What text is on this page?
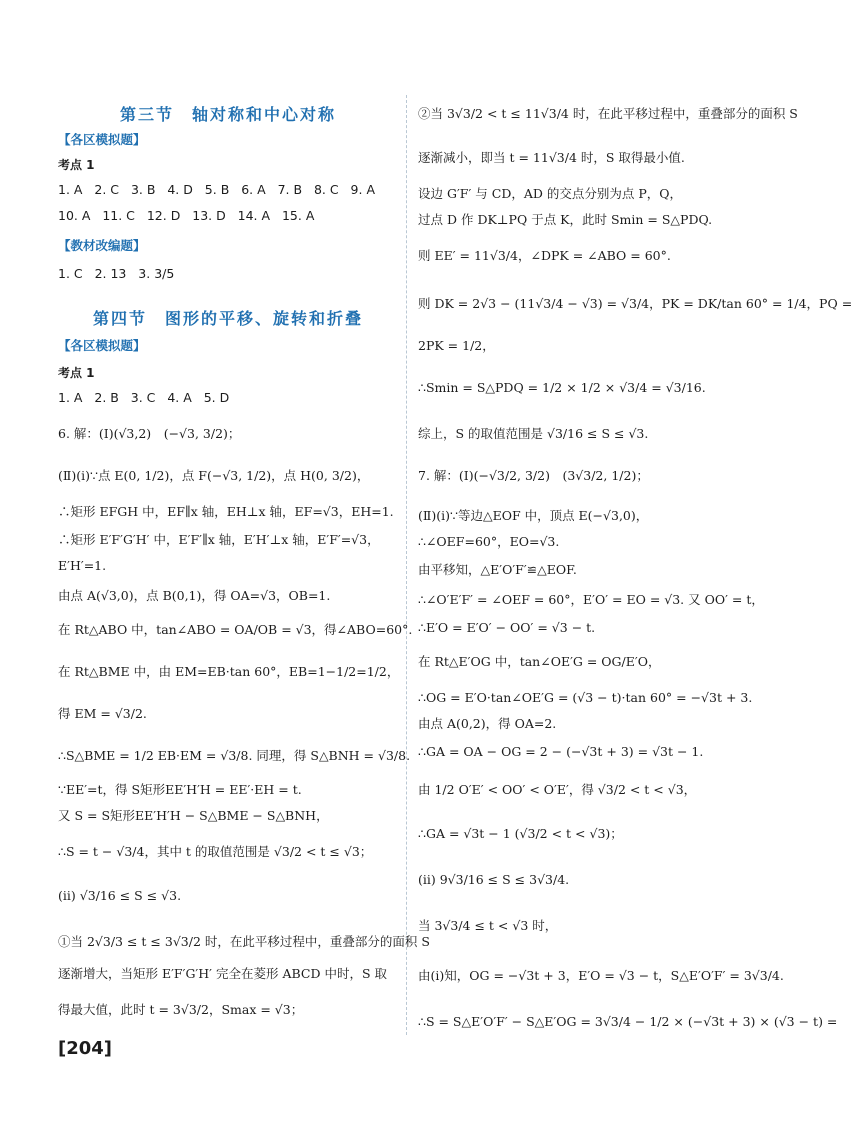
第三节　轴对称和中心对称
【各区模拟题】
考点 1
1. A 2. C 3. B 4. D 5. B 6. A 7. B 8. C 9. A
10. A 11. C 12. D 13. D 14. A 15. A
【教材改编题】
1. C 2. 13 3. 3/5
第四节　图形的平移、旋转和折叠
【各区模拟题】
考点 1
1. A 2. B 3. C 4. A 5. D
6. 解：(Ⅰ)(√3,2)　(−√3, 3/2)；
(Ⅱ)(ⅰ)∵点 E(0, 1/2)，点 F(−√3, 1/2)，点 H(0, 3/2)，
∴矩形 EFGH 中，EF∥x 轴，EH⊥x 轴，EF=√3，EH=1.
∴矩形 E′F′G′H′ 中，E′F′∥x 轴，E′H′⊥x 轴，E′F′=√3，
E′H′=1.
由点 A(√3,0)，点 B(0,1)，得 OA=√3，OB=1.
在 Rt△ABO 中，tan∠ABO = OA/OB = √3，得∠ABO=60°.
在 Rt△BME 中，由 EM=EB·tan 60°，EB=1−1/2=1/2，
得 EM = √3/2.
∴S△BME = 1/2 EB·EM = √3/8. 同理，得 S△BNH = √3/8.
∵EE′=t，得 S矩形EE′H′H = EE′·EH = t.
又 S = S矩形EE′H′H − S△BME − S△BNH，
∴S = t − √3/4，其中 t 的取值范围是 √3/2 < t ≤ √3；
(ⅱ) √3/16 ≤ S ≤ √3.
①当 2√3/3 ≤ t ≤ 3√3/2 时，在此平移过程中，重叠部分的面积 S
逐渐增大，当矩形 E′F′G′H′ 完全在菱形 ABCD 中时，S 取
得最大值，此时 t = 3√3/2，Smax = √3；
②当 3√3/2 < t ≤ 11√3/4 时，在此平移过程中，重叠部分的面积 S
逐渐减小，即当 t = 11√3/4 时，S 取得最小值.
设边 G′F′ 与 CD，AD 的交点分别为点 P，Q，
过点 D 作 DK⊥PQ 于点 K，此时 Smin = S△PDQ.
则 EE′ = 11√3/4，∠DPK = ∠ABO = 60°.
则 DK = 2√3 − (11√3/4 − √3) = √3/4，PK = DK/tan 60° = 1/4，PQ =
2PK = 1/2，
∴Smin = S△PDQ = 1/2 × 1/2 × √3/4 = √3/16.
综上，S 的取值范围是 √3/16 ≤ S ≤ √3.
7. 解：(Ⅰ)(−√3/2, 3/2)　(3√3/2, 1/2)；
(Ⅱ)(ⅰ)∵等边△EOF 中，顶点 E(−√3,0)，
∴∠OEF=60°，EO=√3.
由平移知，△E′O′F′≌△EOF.
∴∠O′E′F′ = ∠OEF = 60°，E′O′ = EO = √3. 又 OO′ = t，
∴E′O = E′O′ − OO′ = √3 − t.
在 Rt△E′OG 中，tan∠OE′G = OG/E′O，
∴OG = E′O·tan∠OE′G = (√3 − t)·tan 60° = −√3t + 3.
由点 A(0,2)，得 OA=2.
∴GA = OA − OG = 2 − (−√3t + 3) = √3t − 1.
由 1/2 O′E′ < OO′ < O′E′，得 √3/2 < t < √3，
∴GA = √3t − 1 (√3/2 < t < √3)；
(ⅱ) 9√3/16 ≤ S ≤ 3√3/4.
当 3√3/4 ≤ t < √3 时，
由(ⅰ)知，OG = −√3t + 3，E′O = √3 − t，S△E′O′F′ = 3√3/4.
∴S = S△E′O′F′ − S△E′OG = 3√3/4 − 1/2 × (−√3t + 3) × (√3 − t) =
[204]
